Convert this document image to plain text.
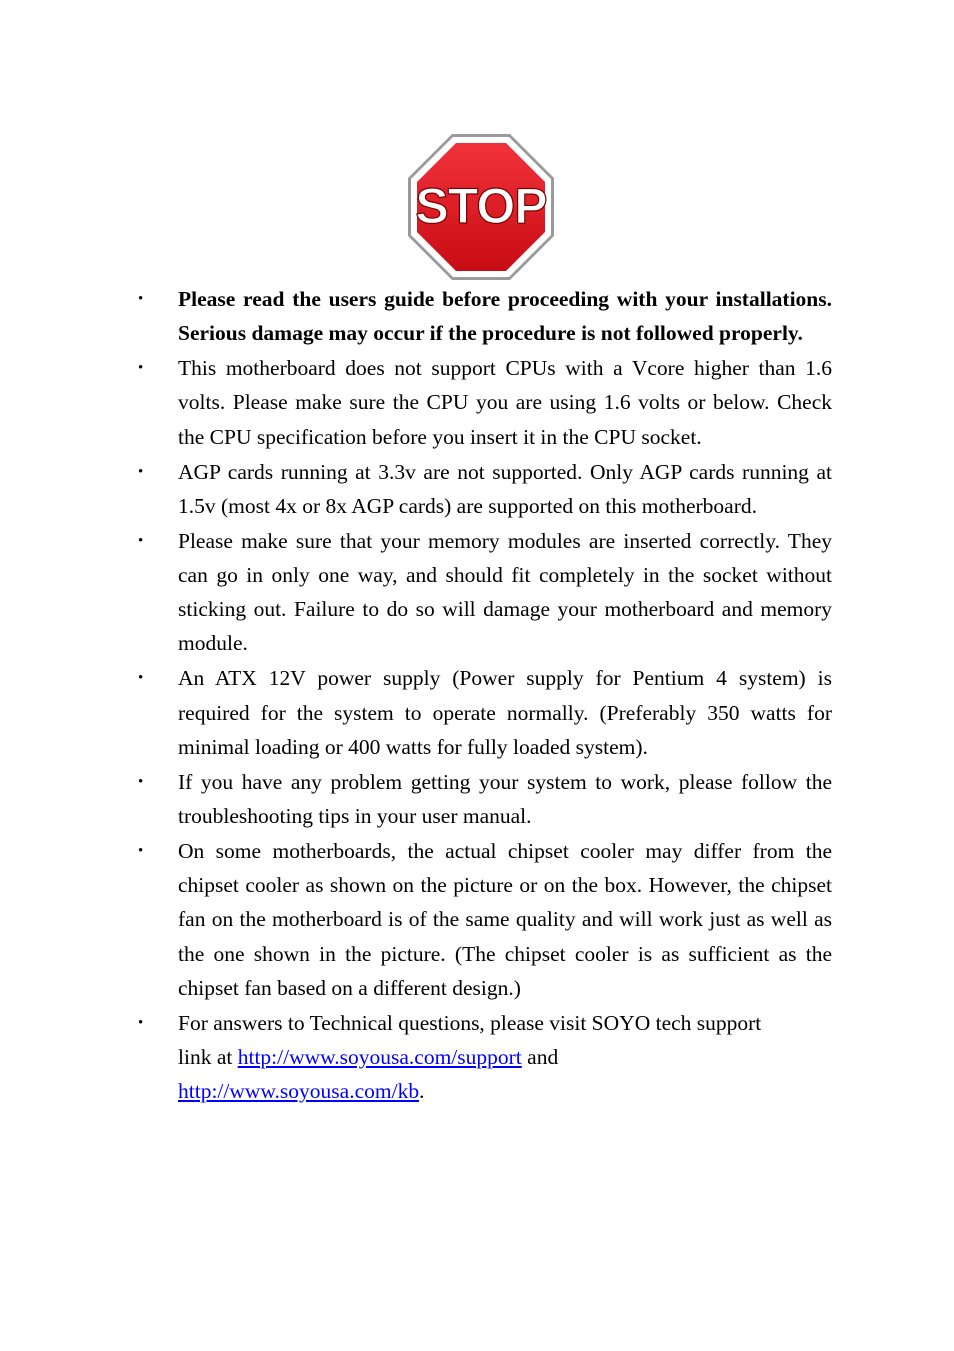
STOP
• Please read the users guide before proceeding with your installations. Serious damage may occur if the procedure is not followed properly.
• This motherboard does not support CPUs with a Vcore higher than 1.6 volts. Please make sure the CPU you are using 1.6 volts or below. Check the CPU specification before you insert it in the CPU socket.
• AGP cards running at 3.3v are not supported. Only AGP cards running at 1.5v (most 4x or 8x AGP cards) are supported on this motherboard.
• Please make sure that your memory modules are inserted correctly. They can go in only one way, and should fit completely in the socket without sticking out. Failure to do so will damage your motherboard and memory module.
• An ATX 12V power supply (Power supply for Pentium 4 system) is required for the system to operate normally. (Preferably 350 watts for minimal loading or 400 watts for fully loaded system).
• If you have any problem getting your system to work, please follow the troubleshooting tips in your user manual.
• On some motherboards, the actual chipset cooler may differ from the chipset cooler as shown on the picture or on the box. However, the chipset fan on the motherboard is of the same quality and will work just as well as the one shown in the picture. (The chipset cooler is as sufficient as the chipset fan based on a different design.)
• For answers to Technical questions, please visit SOYO tech support
link at http://www.soyousa.com/support and
http://www.soyousa.com/kb.
